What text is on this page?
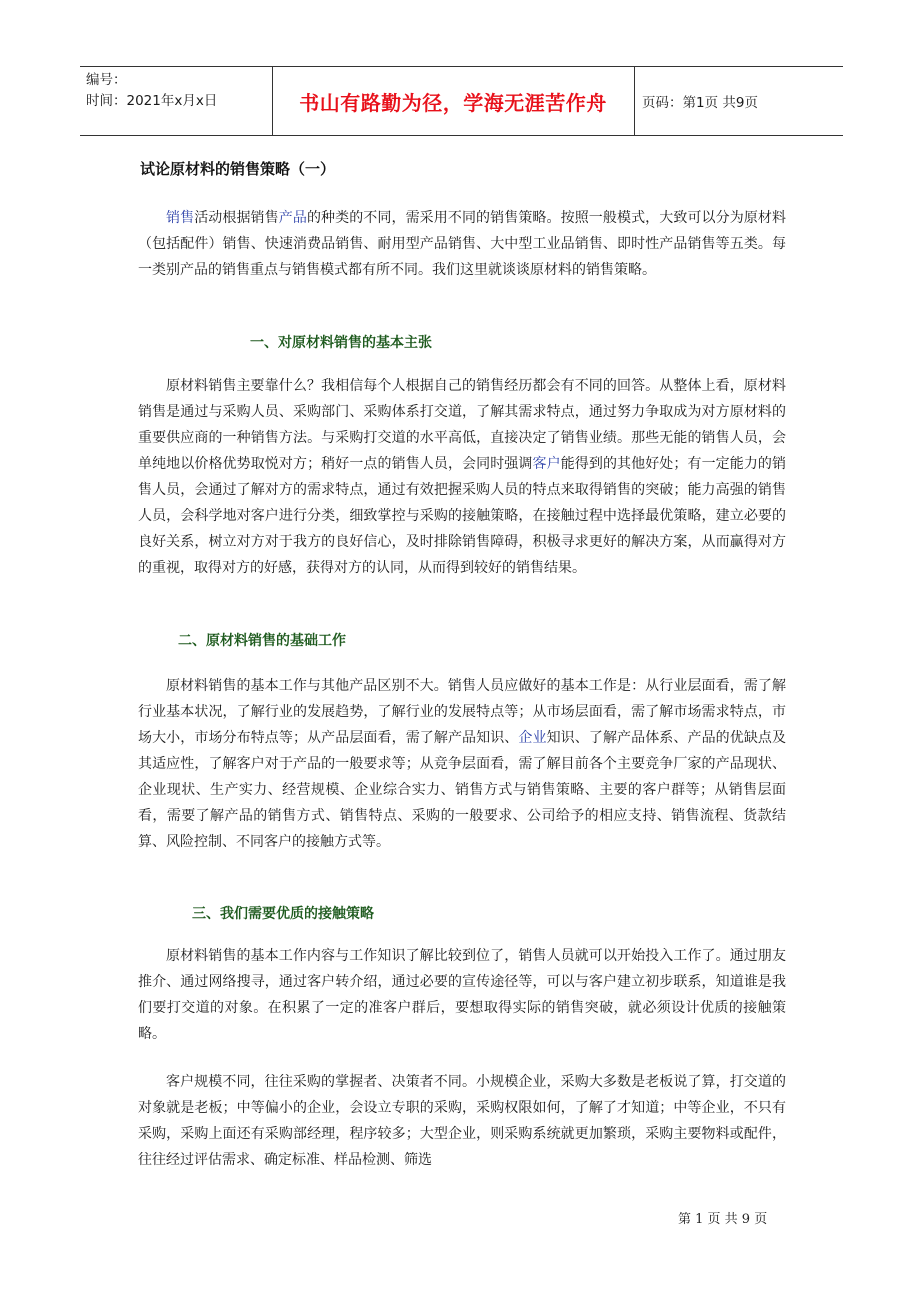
编号：
时间：2021年x月x日	书山有路勤为径，学海无涯苦作舟	页码：第1页 共9页
试论原材料的销售策略（一）

销售活动根据销售产品的种类的不同，需采用不同的销售策略。按照一般模式，大致可以分为原材料（包括配件）销售、快速消费品销售、耐用型产品销售、大中型工业品销售、即时性产品销售等五类。每一类别产品的销售重点与销售模式都有所不同。我们这里就谈谈原材料的销售策略。

一、对原材料销售的基本主张

原材料销售主要靠什么？我相信每个人根据自己的销售经历都会有不同的回答。从整体上看，原材料销售是通过与采购人员、采购部门、采购体系打交道，了解其需求特点，通过努力争取成为对方原材料的重要供应商的一种销售方法。与采购打交道的水平高低，直接决定了销售业绩。那些无能的销售人员，会单纯地以价格优势取悦对方；稍好一点的销售人员，会同时强调客户能得到的其他好处；有一定能力的销售人员，会通过了解对方的需求特点，通过有效把握采购人员的特点来取得销售的突破；能力高强的销售人员，会科学地对客户进行分类，细致掌控与采购的接触策略，在接触过程中选择最优策略，建立必要的良好关系，树立对方对于我方的良好信心，及时排除销售障碍，积极寻求更好的解决方案，从而赢得对方的重视，取得对方的好感，获得对方的认同，从而得到较好的销售结果。

二、原材料销售的基础工作

原材料销售的基本工作与其他产品区别不大。销售人员应做好的基本工作是：从行业层面看，需了解行业基本状况，了解行业的发展趋势，了解行业的发展特点等；从市场层面看，需了解市场需求特点，市场大小，市场分布特点等；从产品层面看，需了解产品知识、企业知识、了解产品体系、产品的优缺点及其适应性，了解客户对于产品的一般要求等；从竞争层面看，需了解目前各个主要竞争厂家的产品现状、企业现状、生产实力、经营规模、企业综合实力、销售方式与销售策略、主要的客户群等；从销售层面看，需要了解产品的销售方式、销售特点、采购的一般要求、公司给予的相应支持、销售流程、货款结算、风险控制、不同客户的接触方式等。

三、我们需要优质的接触策略

原材料销售的基本工作内容与工作知识了解比较到位了，销售人员就可以开始投入工作了。通过朋友推介、通过网络搜寻，通过客户转介绍，通过必要的宣传途径等，可以与客户建立初步联系，知道谁是我们要打交道的对象。在积累了一定的准客户群后，要想取得实际的销售突破，就必须设计优质的接触策略。

客户规模不同，往往采购的掌握者、决策者不同。小规模企业，采购大多数是老板说了算，打交道的对象就是老板；中等偏小的企业，会设立专职的采购，采购权限如何，了解了才知道；中等企业，不只有采购，采购上面还有采购部经理，程序较多；大型企业，则采购系统就更加繁琐，采购主要物料或配件，往往经过评估需求、确定标准、样品检测、筛选

第 1 页 共 9 页
